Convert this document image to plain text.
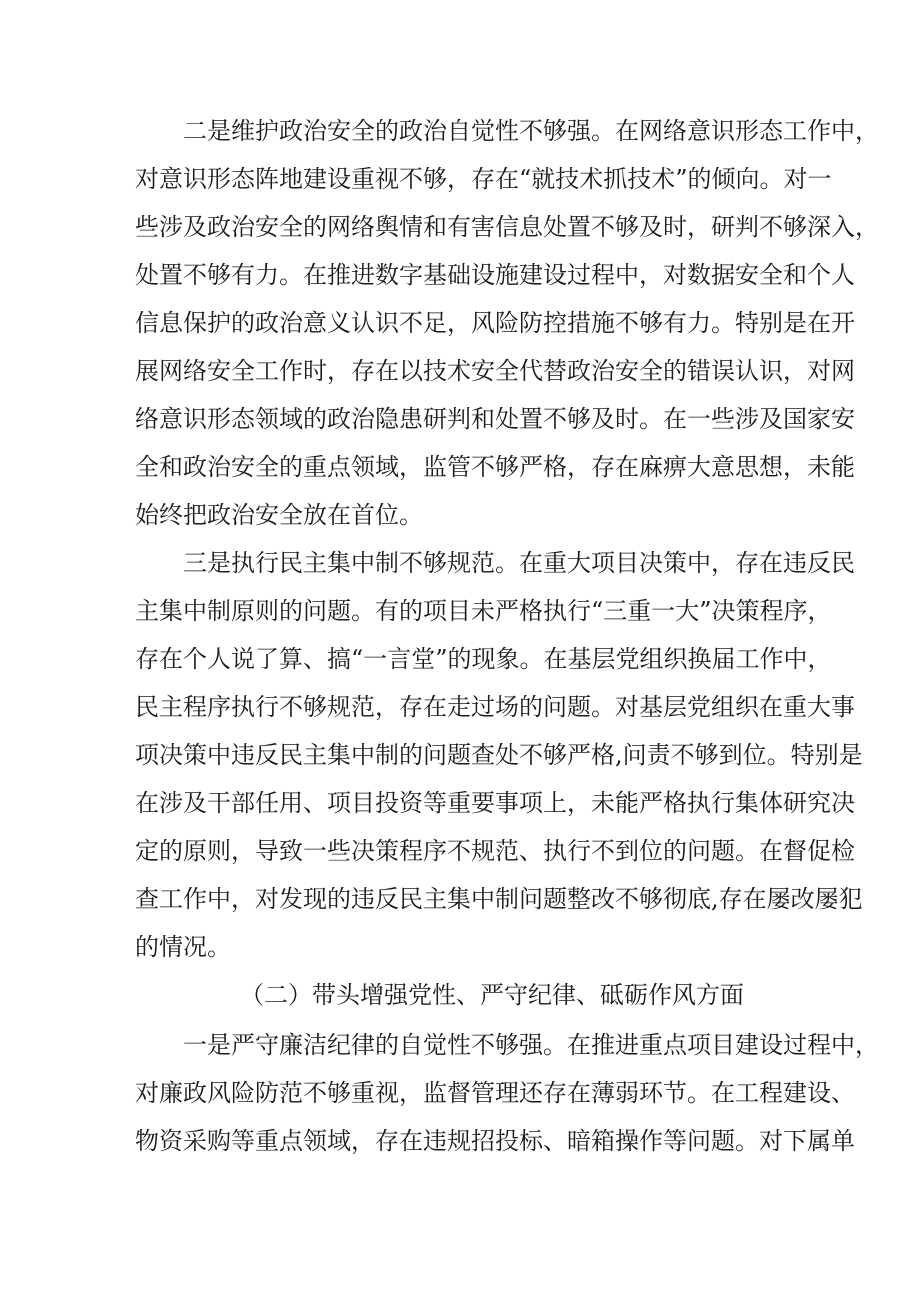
二是维护政治安全的政治自觉性不够强。在网络意识形态工作中，
对意识形态阵地建设重视不够，存在“就技术抓技术”的倾向。对一
些涉及政治安全的网络舆情和有害信息处置不够及时，研判不够深入，
处置不够有力。在推进数字基础设施建设过程中，对数据安全和个人
信息保护的政治意义认识不足，风险防控措施不够有力。特别是在开
展网络安全工作时，存在以技术安全代替政治安全的错误认识，对网
络意识形态领域的政治隐患研判和处置不够及时。在一些涉及国家安
全和政治安全的重点领域，监管不够严格，存在麻痹大意思想，未能
始终把政治安全放在首位。
三是执行民主集中制不够规范。在重大项目决策中，存在违反民
主集中制原则的问题。有的项目未严格执行“三重一大”决策程序，
存在个人说了算、搞“一言堂”的现象。在基层党组织换届工作中，
民主程序执行不够规范，存在走过场的问题。对基层党组织在重大事
项决策中违反民主集中制的问题查处不够严格,问责不够到位。特别是
在涉及干部任用、项目投资等重要事项上，未能严格执行集体研究决
定的原则，导致一些决策程序不规范、执行不到位的问题。在督促检
查工作中，对发现的违反民主集中制问题整改不够彻底,存在屡改屡犯
的情况。
（二）带头增强党性、严守纪律、砥砺作风方面
一是严守廉洁纪律的自觉性不够强。在推进重点项目建设过程中，
对廉政风险防范不够重视，监督管理还存在薄弱环节。在工程建设、
物资采购等重点领域，存在违规招投标、暗箱操作等问题。对下属单
